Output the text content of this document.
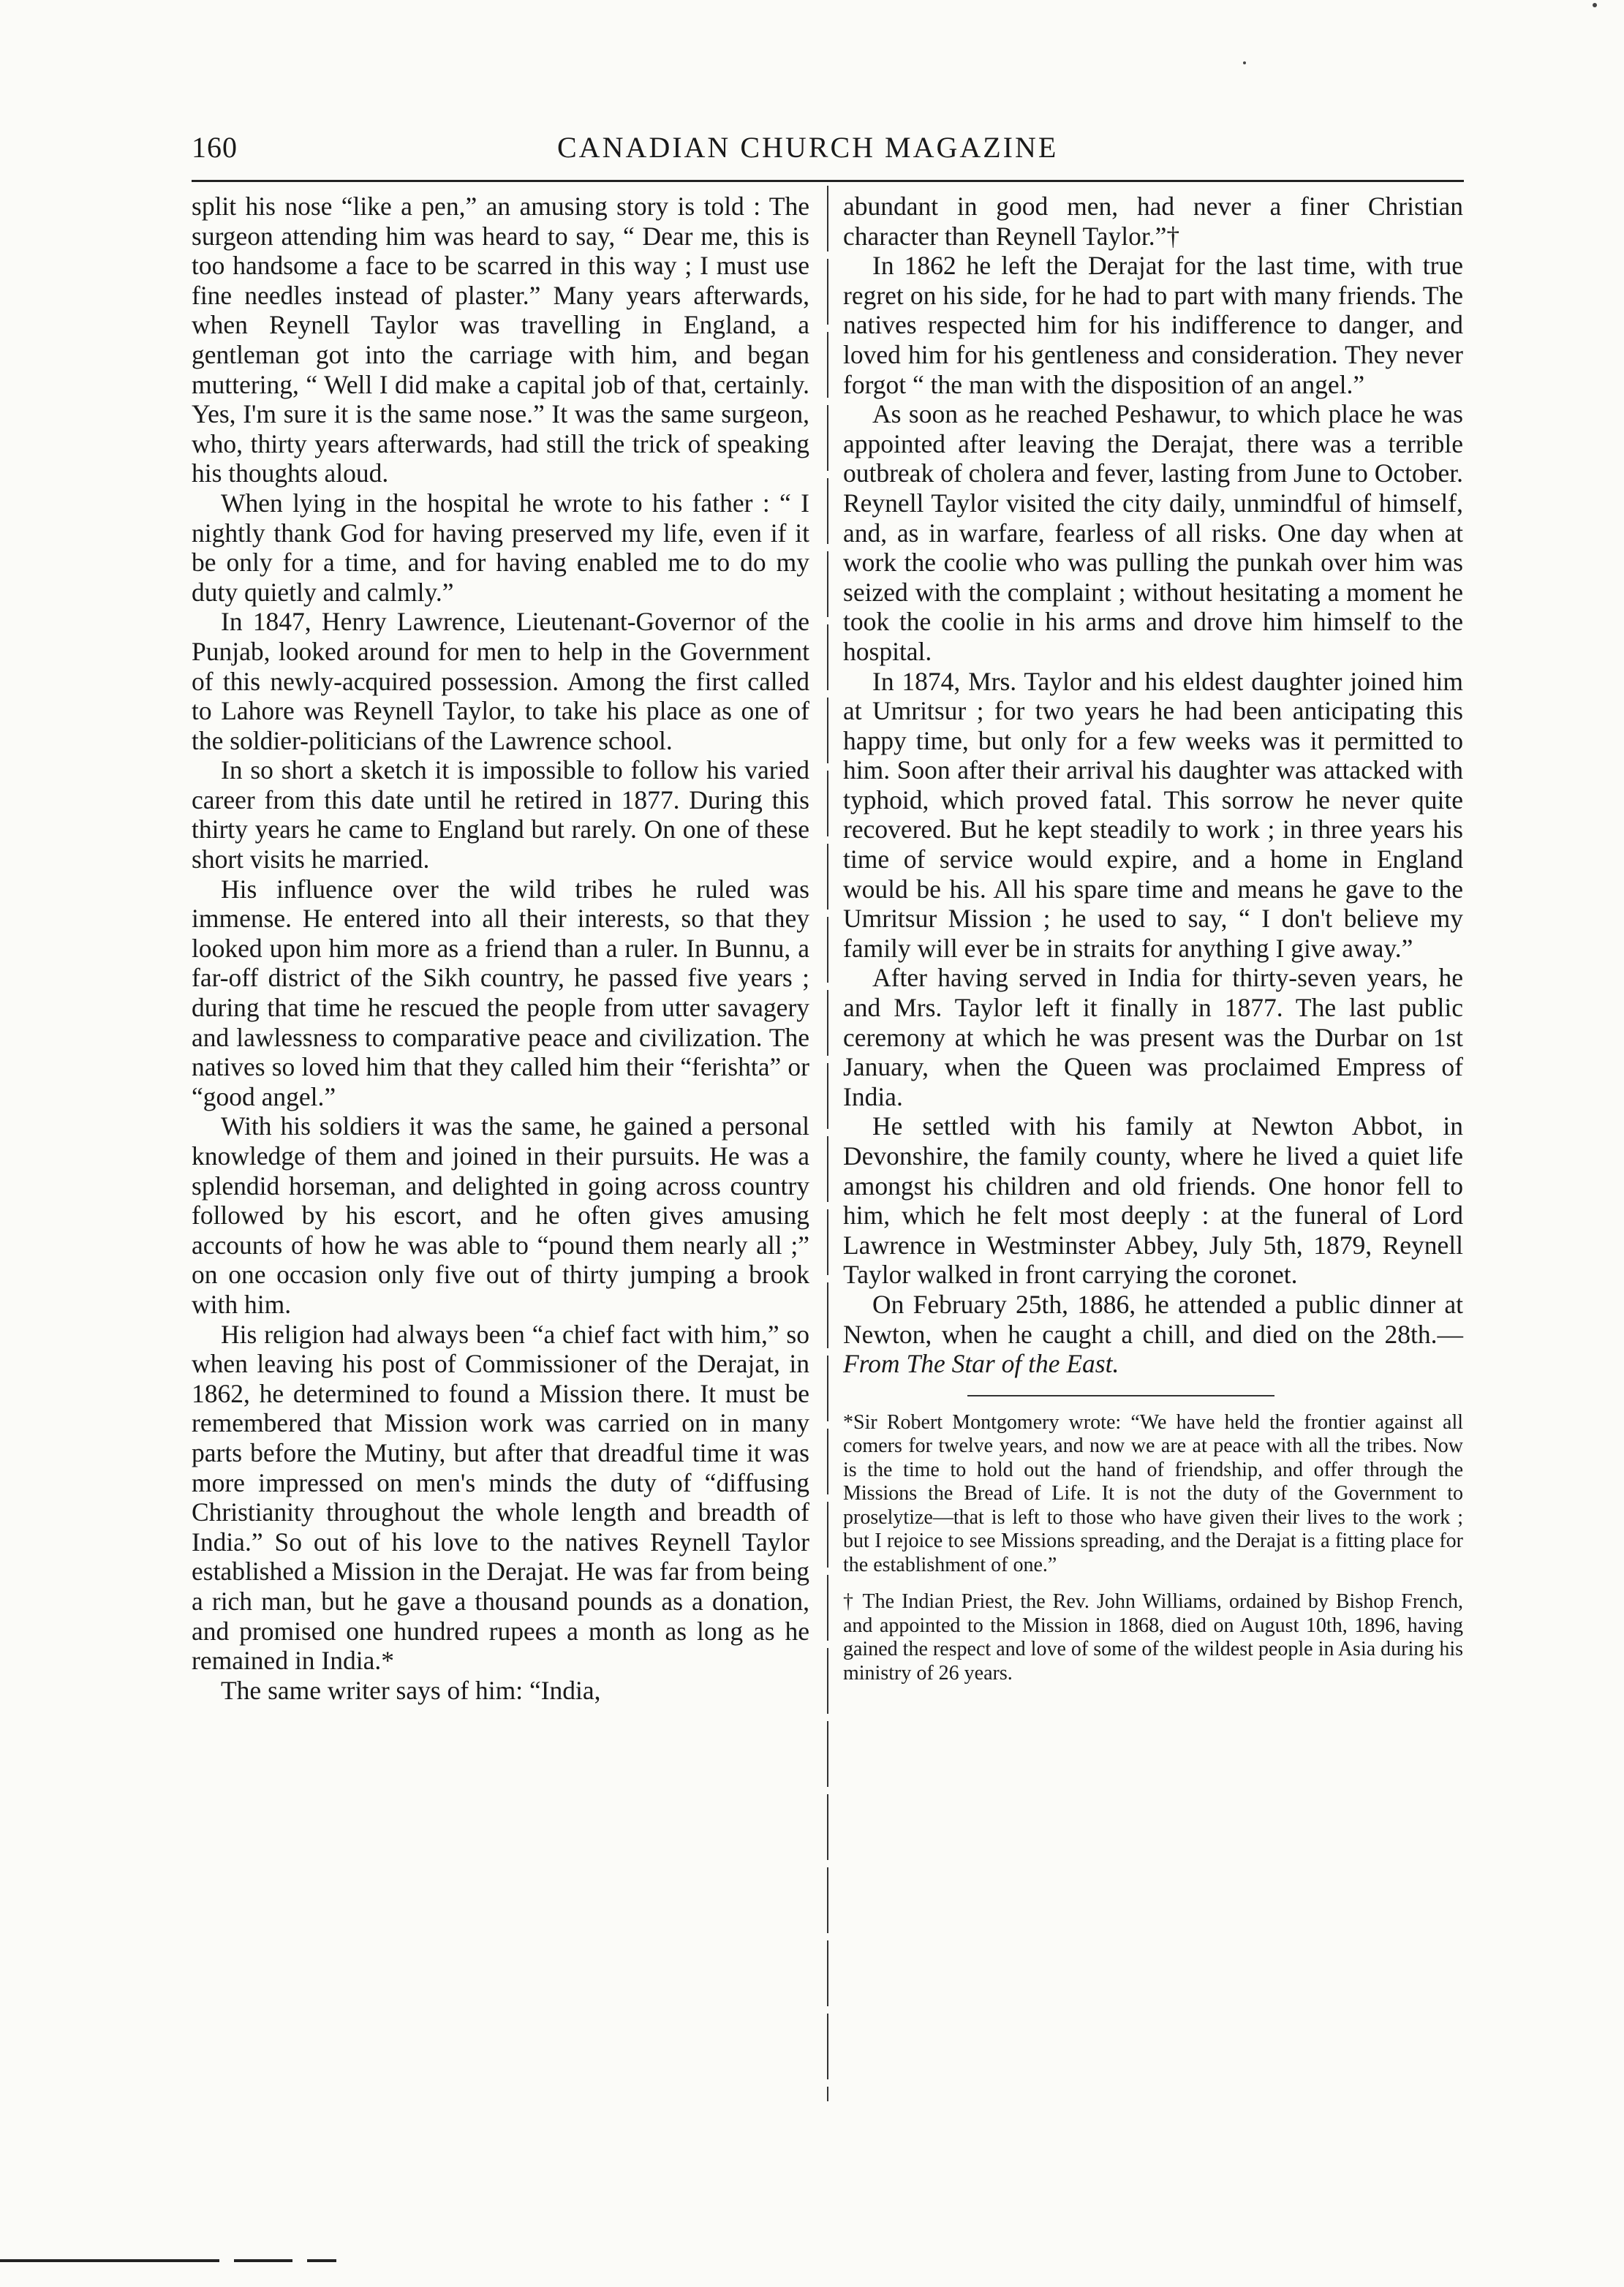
160	CANADIAN CHURCH MAGAZINE

split his nose “like a pen,” an amusing story is told : The surgeon attending him was heard to say, “ Dear me, this is too handsome a face to be scarred in this way ; I must use fine needles instead of plaster.” Many years afterwards, when Reynell Taylor was travelling in England, a gentleman got into the carriage with him, and began muttering, “ Well I did make a capital job of that, certainly. Yes, I'm sure it is the same nose.” It was the same surgeon, who, thirty years afterwards, had still the trick of speaking his thoughts aloud.

When lying in the hospital he wrote to his father : “ I nightly thank God for having preserved my life, even if it be only for a time, and for having enabled me to do my duty quietly and calmly.”

In 1847, Henry Lawrence, Lieutenant-Governor of the Punjab, looked around for men to help in the Government of this newly-acquired possession. Among the first called to Lahore was Reynell Taylor, to take his place as one of the soldier-politicians of the Lawrence school.

In so short a sketch it is impossible to follow his varied career from this date until he retired in 1877. During this thirty years he came to England but rarely. On one of these short visits he married.

His influence over the wild tribes he ruled was immense. He entered into all their interests, so that they looked upon him more as a friend than a ruler. In Bunnu, a far-off district of the Sikh country, he passed five years ; during that time he rescued the people from utter savagery and lawlessness to comparative peace and civilization. The natives so loved him that they called him their “ferishta” or “good angel.”

With his soldiers it was the same, he gained a personal knowledge of them and joined in their pursuits. He was a splendid horseman, and delighted in going across country followed by his escort, and he often gives amusing accounts of how he was able to “pound them nearly all ;” on one occasion only five out of thirty jumping a brook with him.

His religion had always been “a chief fact with him,” so when leaving his post of Commissioner of the Derajat, in 1862, he determined to found a Mission there. It must be remembered that Mission work was carried on in many parts before the Mutiny, but after that dreadful time it was more impressed on men's minds the duty of “diffusing Christianity throughout the whole length and breadth of India.” So out of his love to the natives Reynell Taylor established a Mission in the Derajat. He was far from being a rich man, but he gave a thousand pounds as a donation, and promised one hundred rupees a month as long as he remained in India.*

The same writer says of him: “India,

abundant in good men, had never a finer Christian character than Reynell Taylor.”†

In 1862 he left the Derajat for the last time, with true regret on his side, for he had to part with many friends. The natives respected him for his indifference to danger, and loved him for his gentleness and consideration. They never forgot “ the man with the disposition of an angel.”

As soon as he reached Peshawur, to which place he was appointed after leaving the Derajat, there was a terrible outbreak of cholera and fever, lasting from June to October. Reynell Taylor visited the city daily, unmindful of himself, and, as in warfare, fearless of all risks. One day when at work the coolie who was pulling the punkah over him was seized with the complaint ; without hesitating a moment he took the coolie in his arms and drove him himself to the hospital.

In 1874, Mrs. Taylor and his eldest daughter joined him at Umritsur ; for two years he had been anticipating this happy time, but only for a few weeks was it permitted to him. Soon after their arrival his daughter was attacked with typhoid, which proved fatal. This sorrow he never quite recovered. But he kept steadily to work ; in three years his time of service would expire, and a home in England would be his. All his spare time and means he gave to the Umritsur Mission ; he used to say, “ I don't believe my family will ever be in straits for anything I give away.”

After having served in India for thirty-seven years, he and Mrs. Taylor left it finally in 1877. The last public ceremony at which he was present was the Durbar on 1st January, when the Queen was proclaimed Empress of India.

He settled with his family at Newton Abbot, in Devonshire, the family county, where he lived a quiet life amongst his children and old friends. One honor fell to him, which he felt most deeply : at the funeral of Lord Lawrence in Westminster Abbey, July 5th, 1879, Reynell Taylor walked in front carrying the coronet.

On February 25th, 1886, he attended a public dinner at Newton, when he caught a chill, and died on the 28th.—From The Star of the East.

*Sir Robert Montgomery wrote: “We have held the frontier against all comers for twelve years, and now we are at peace with all the tribes. Now is the time to hold out the hand of friendship, and offer through the Missions the Bread of Life. It is not the duty of the Government to proselytize—that is left to those who have given their lives to the work ; but I rejoice to see Missions spreading, and the Derajat is a fitting place for the establishment of one.”

† The Indian Priest, the Rev. John Williams, ordained by Bishop French, and appointed to the Mission in 1868, died on August 10th, 1896, having gained the respect and love of some of the wildest people in Asia during his ministry of 26 years.
